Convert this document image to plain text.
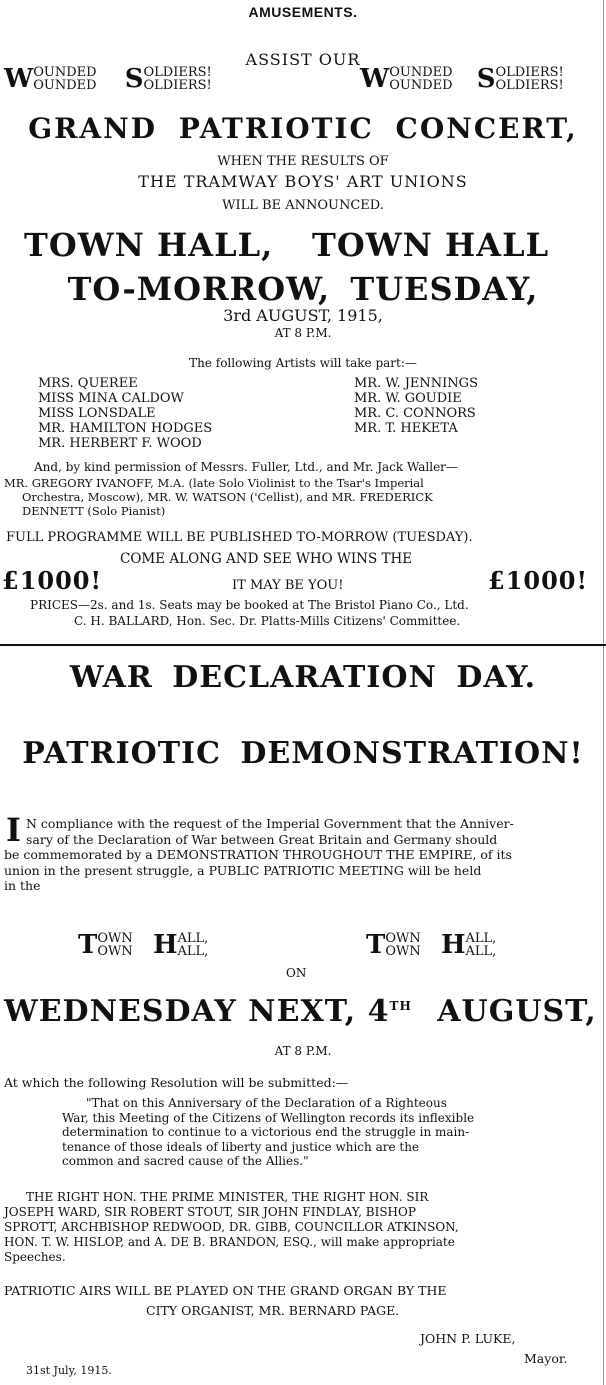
AMUSEMENTS.
ASSIST OUR
W OUNDED
OUNDED S OLDIERS!
OLDIERS!	W OUNDED
OUNDED S OLDIERS!
OLDIERS!
GRAND PATRIOTIC CONCERT,
WHEN THE RESULTS OF
THE TRAMWAY BOYS' ART UNIONS
WILL BE ANNOUNCED.
TOWN HALL, TOWN HALL
TO-MORROW, TUESDAY,
3rd AUGUST, 1915,
AT 8 P.M.
The following Artists will take part:—
MRS. QUEREE
MISS MINA CALDOW
MISS LONSDALE
MR. HAMILTON HODGES
MR. HERBERT F. WOOD
MR. W. JENNINGS
MR. W. GOUDIE
MR. C. CONNORS
MR. T. HEKETA
And, by kind permission of Messrs. Fuller, Ltd., and Mr. Jack Waller—
MR. GREGORY IVANOFF, M.A. (late Solo Violinist to the Tsar's Imperial
Orchestra, Moscow), MR. W. WATSON ('Cellist), and MR. FREDERICK
DENNETT (Solo Pianist)
FULL PROGRAMME WILL BE PUBLISHED TO-MORROW (TUESDAY).
COME ALONG AND SEE WHO WINS THE
£1000!	IT MAY BE YOU!	£1000!
PRICES—2s. and 1s. Seats may be booked at The Bristol Piano Co., Ltd.
C. H. BALLARD, Hon. Sec. Dr. Platts-Mills Citizens' Committee.
WAR DECLARATION DAY.
PATRIOTIC DEMONSTRATION!
I N compliance with the request of the Imperial Government that the Anniver-
sary of the Declaration of War between Great Britain and Germany should
be commemorated by a DEMONSTRATION THROUGHOUT THE EMPIRE, of its
union in the present struggle, a PUBLIC PATRIOTIC MEETING will be held
in the
T OWN
OWN H ALL,
ALL,
ON
T OWN
OWN H ALL,
ALL,
WEDNESDAY NEXT, 4TH AUGUST,
AT 8 P.M.
At which the following Resolution will be submitted:—
"That on this Anniversary of the Declaration of a Righteous
War, this Meeting of the Citizens of Wellington records its inflexible
determination to continue to a victorious end the struggle in main-
tenance of those ideals of liberty and justice which are the
common and sacred cause of the Allies."
THE RIGHT HON. THE PRIME MINISTER, THE RIGHT HON. SIR
JOSEPH WARD, SIR ROBERT STOUT, SIR JOHN FINDLAY, BISHOP
SPROTT, ARCHBISHOP REDWOOD, DR. GIBB, COUNCILLOR ATKINSON,
HON. T. W. HISLOP, and A. DE B. BRANDON, ESQ., will make appropriate
Speeches.
PATRIOTIC AIRS WILL BE PLAYED ON THE GRAND ORGAN BY THE
CITY ORGANIST, MR. BERNARD PAGE.
JOHN P. LUKE,
Mayor.
31st July, 1915.
